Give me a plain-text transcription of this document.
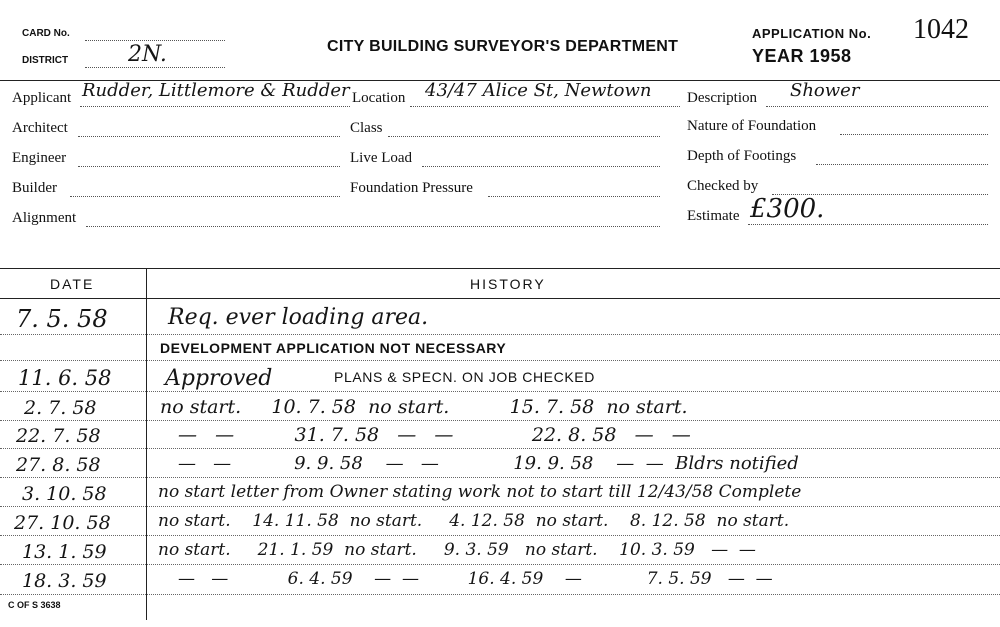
CARD No.
DISTRICT	2N.	CITY BUILDING SURVEYOR'S DEPARTMENT
APPLICATION No. 1042
YEAR 1958
Applicant Rudder, Littlemore & Rudder Location 43/47 Alice St, Newtown Description Shower
Architect	Class	Nature of Foundation
Engineer	Live Load	Depth of Footings
Builder	Foundation Pressure	Checked by
Alignment	Estimate £300.
DATE	HISTORY
7. 5. 58	Req. ever loading area.
DEVELOPMENT APPLICATION NOT NECESSARY
11. 6. 58 Approved	PLANS & SPECN. ON JOB CHECKED
2. 7. 58	no start.     10. 7. 58  no start.          15. 7. 58  no start.
22. 7. 58	—   —          31. 7. 58   —   —             22. 8. 58   —   —
27. 8. 58	—   —           9. 9. 58    —   —             19. 9. 58    —  —  Bldrs notified
3. 10. 58	no start letter from Owner stating work not to start till 12/43/58 Complete
27. 10. 58	no start.    14. 11. 58  no start.     4. 12. 58  no start.    8. 12. 58  no start.
13. 1. 59	no start.     21. 1. 59  no start.     9. 3. 59   no start.    10. 3. 59   —  —
18. 3. 59	—   —           6. 4. 59    —  —         16. 4. 59    —            7. 5. 59   —  —
C OF S 3638
